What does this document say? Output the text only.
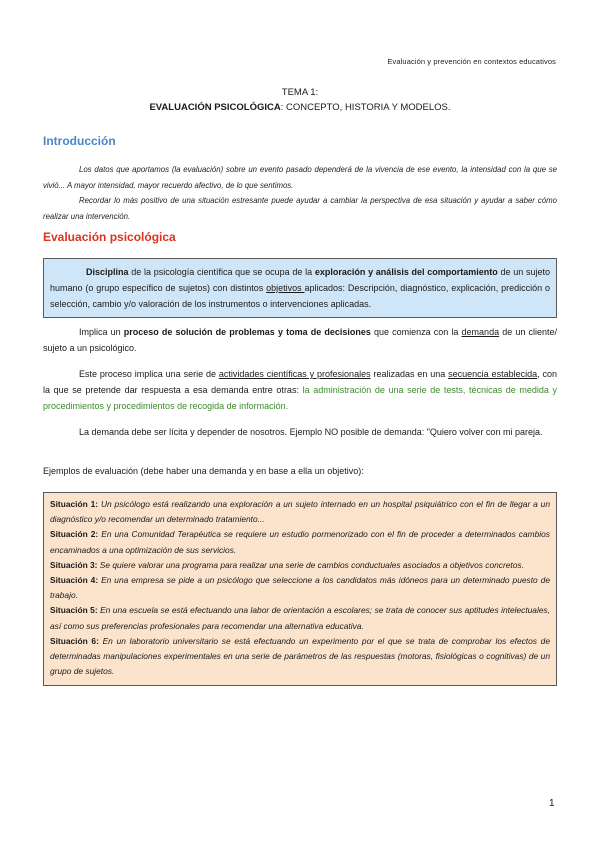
Evaluación y prevención en contextos educativos
TEMA 1:
EVALUACIÓN PSICOLÓGICA: CONCEPTO, HISTORIA Y MODELOS.
Introducción

Los datos que aportamos (la evaluación) sobre un evento pasado dependerá de la vivencia de ese evento, la intensidad con la que se vivió... A mayor intensidad, mayor recuerdo afectivo, de lo que sentimos.

Recordar lo más positivo de una situación estresante puede ayudar a cambiar la perspectiva de esa situación y ayudar a saber cómo realizar una intervención.

Evaluación psicológica

Disciplina de la psicología científica que se ocupa de la exploración y análisis del comportamiento de un sujeto humano (o grupo específico de sujetos) con distintos objetivos aplicados: Descripción, diagnóstico, explicación, predicción o selección, cambio y/o valoración de los instrumentos o intervenciones aplicadas.

Implica un proceso de solución de problemas y toma de decisiones que comienza con la demanda de un cliente/ sujeto a un psicológico.

Este proceso implica una serie de actividades científicas y profesionales realizadas en una secuencia establecida, con la que se pretende dar respuesta a esa demanda entre otras: la administración de una serie de tests, técnicas de medida y procedimientos y procedimientos de recogida de información.

La demanda debe ser lícita y depender de nosotros. Ejemplo NO posible de demanda: "Quiero volver con mi pareja.

Ejemplos de evaluación (debe haber una demanda y en base a ella un objetivo):

Situación 1: Un psicólogo está realizando una exploración a un sujeto internado en un hospital psiquiátrico con el fin de llegar a un diagnóstico y/o recomendar un determinado tratamiento...

Situación 2: En una Comunidad Terapéutica se requiere un estudio pormenorizado con el fin de proceder a determinados cambios encaminados a una optimización de sus servicios.

Situación 3: Se quiere valorar una programa para realizar una serie de cambios conductuales asociados a objetivos concretos.

Situación 4: En una empresa se pide a un psicólogo que seleccione a los candidatos más idóneos para un determinado puesto de trabajo.

Situación 5: En una escuela se está efectuando una labor de orientación a escolares; se trata de conocer sus aptitudes intelectuales, así como sus preferencias profesionales para recomendar una alternativa educativa.

Situación 6: En un laboratorio universitario se está efectuando un experimento por el que se trata de comprobar los efectos de determinadas manipulaciones experimentales en una serie de parámetros de las respuestas (motoras, fisiológicas o cognitivas) de un grupo de sujetos.

1
